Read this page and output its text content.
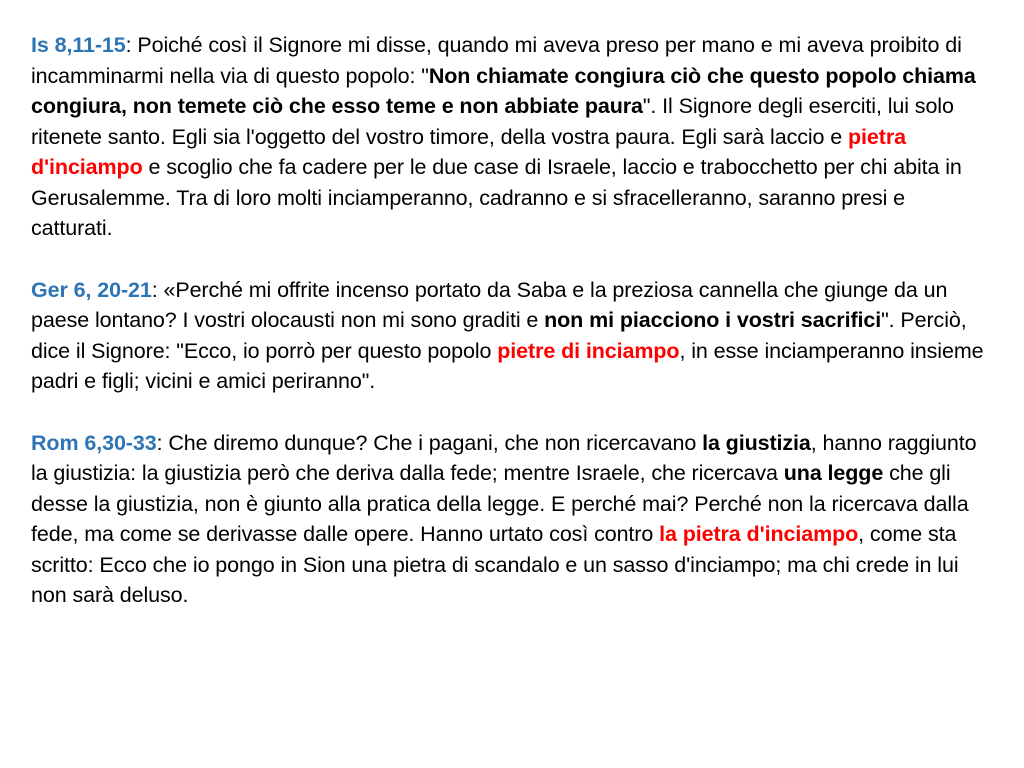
Is 8,11-15: Poiché così il Signore mi disse, quando mi aveva preso per mano e mi aveva proibito di incamminarmi nella via di questo popolo: "Non chiamate congiura ciò che questo popolo chiama congiura, non temete ciò che esso teme e non abbiate paura". Il Signore degli eserciti, lui solo ritenete santo. Egli sia l'oggetto del vostro timore, della vostra paura. Egli sarà laccio e pietra d'inciampo e scoglio che fa cadere per le due case di Israele, laccio e trabocchetto per chi abita in Gerusalemme. Tra di loro molti inciamperanno, cadranno e si sfracelleranno, saranno presi e catturati.

Ger 6, 20-21: «Perché mi offrite incenso portato da Saba e la preziosa cannella che giunge da un paese lontano? I vostri olocausti non mi sono graditi e non mi piacciono i vostri sacrifici". Perciò, dice il Signore: "Ecco, io porrò per questo popolo pietre di inciampo, in esse inciamperanno insieme padri e figli; vicini e amici periranno".

Rom 6,30-33: Che diremo dunque? Che i pagani, che non ricercavano la giustizia, hanno raggiunto la giustizia: la giustizia però che deriva dalla fede; mentre Israele, che ricercava una legge che gli desse la giustizia, non è giunto alla pratica della legge. E perché mai? Perché non la ricercava dalla fede, ma come se derivasse dalle opere. Hanno urtato così contro la pietra d'inciampo, come sta scritto: Ecco che io pongo in Sion una pietra di scandalo e un sasso d'inciampo; ma chi crede in lui non sarà deluso.
